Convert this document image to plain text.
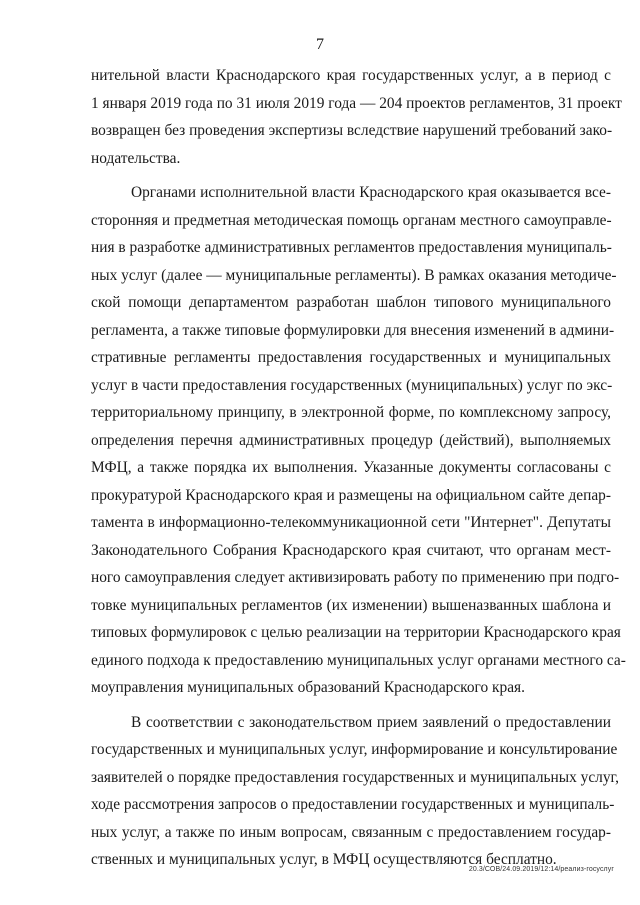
7
нительной власти Краснодарского края государственных услуг, а в период с
1 января 2019 года по 31 июля 2019 года — 204 проектов регламентов, 31 проект
возвращен без проведения экспертизы вследствие нарушений требований зако-
нодательства.
Органами исполнительной власти Краснодарского края оказывается все-
сторонняя и предметная методическая помощь органам местного самоуправле-
ния в разработке административных регламентов предоставления муниципаль-
ных услуг (далее — муниципальные регламенты). В рамках оказания методиче-
ской помощи департаментом разработан шаблон типового муниципального
регламента, а также типовые формулировки для внесения изменений в админи-
стративные регламенты предоставления государственных и муниципальных
услуг в части предоставления государственных (муниципальных) услуг по экс-
территориальному принципу, в электронной форме, по комплексному запросу,
определения перечня административных процедур (действий), выполняемых
МФЦ, а также порядка их выполнения. Указанные документы согласованы с
прокуратурой Краснодарского края и размещены на официальном сайте депар-
тамента в информационно-телекоммуникационной сети "Интернет". Депутаты
Законодательного Собрания Краснодарского края считают, что органам мест-
ного самоуправления следует активизировать работу по применению при подго-
товке муниципальных регламентов (их изменении) вышеназванных шаблона и
типовых формулировок с целью реализации на территории Краснодарского края
единого подхода к предоставлению муниципальных услуг органами местного са-
моуправления муниципальных образований Краснодарского края.
В соответствии с законодательством прием заявлений о предоставлении
государственных и муниципальных услуг, информирование и консультирование
заявителей о порядке предоставления государственных и муниципальных услуг,
ходе рассмотрения запросов о предоставлении государственных и муниципаль-
ных услуг, а также по иным вопросам, связанным с предоставлением государ-
ственных и муниципальных услуг, в МФЦ осуществляются бесплатно.
20.3/СОВ/24.09.2019/12:14/реализ-госуслуг
